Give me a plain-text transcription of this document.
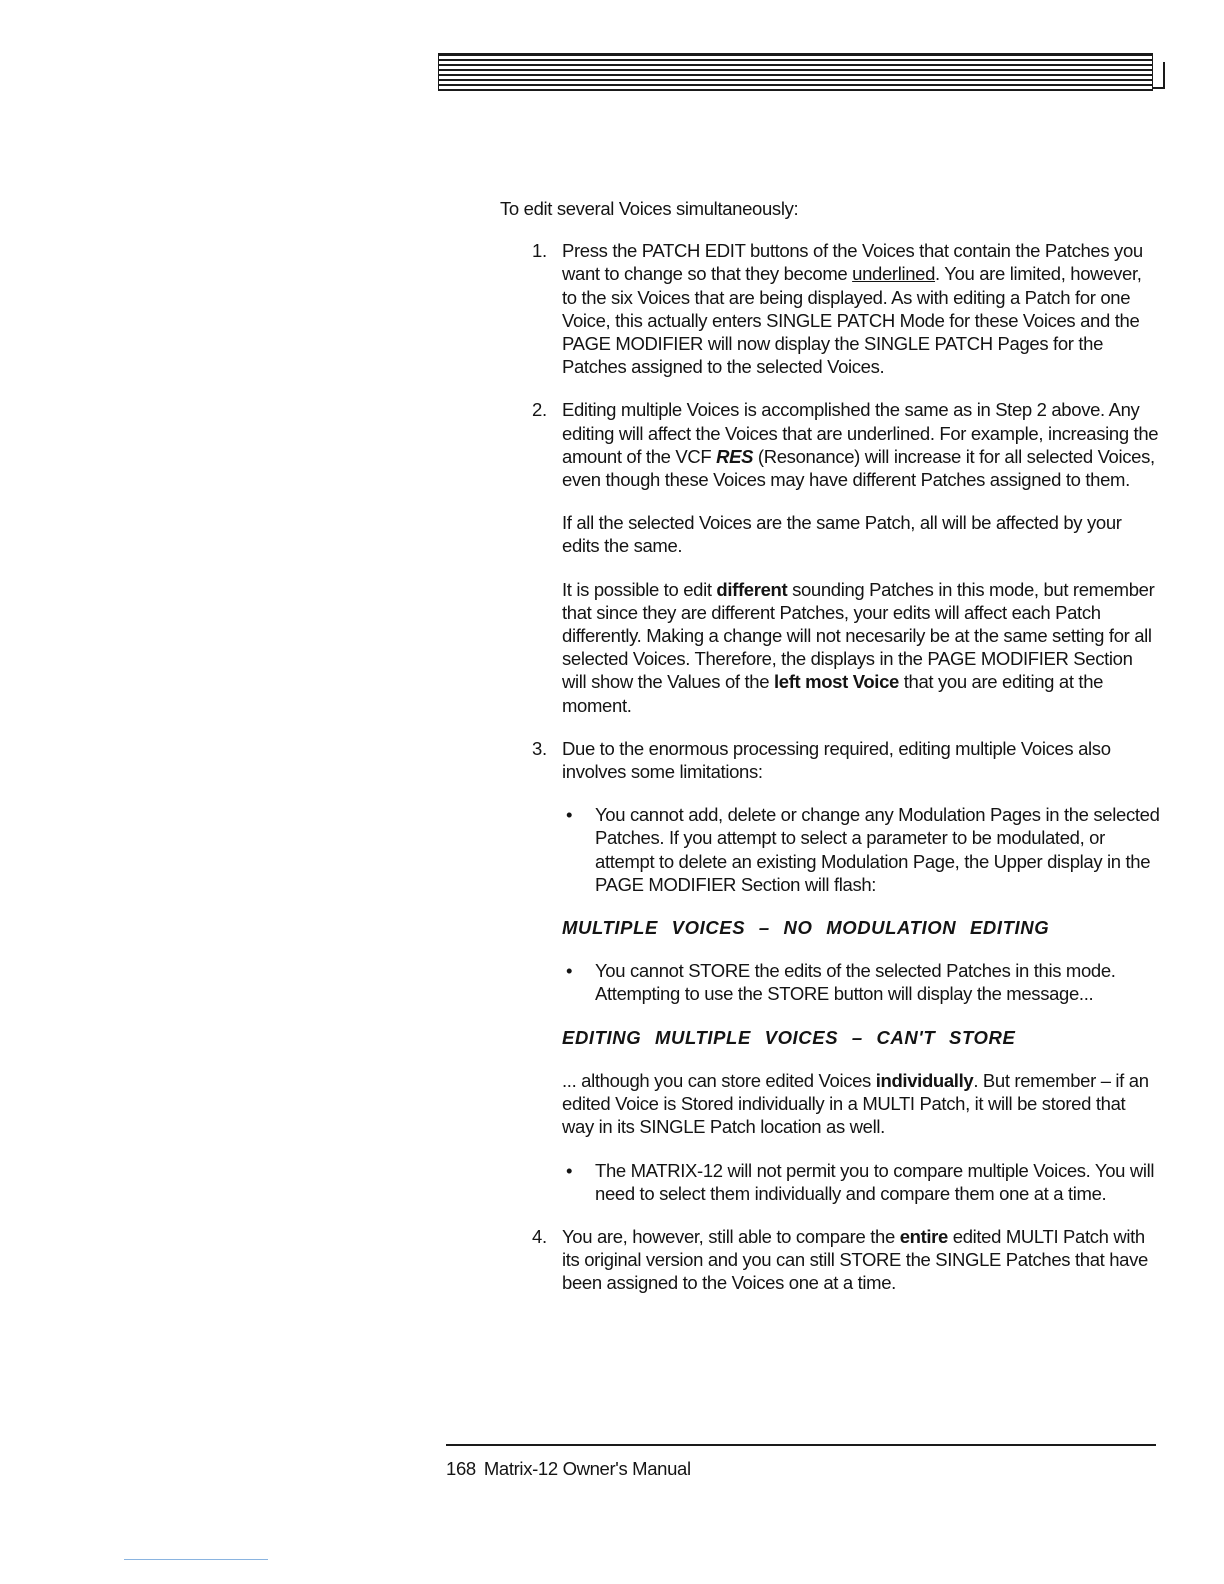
To edit several Voices simultaneously:

1. Press the PATCH EDIT buttons of the Voices that contain the Patches you want to change so that they become underlined. You are limited, however, to the six Voices that are being displayed. As with editing a Patch for one Voice, this actually enters SINGLE PATCH Mode for these Voices and the PAGE MODIFIER will now display the SINGLE PATCH Pages for the Patches assigned to the selected Voices.

2. Editing multiple Voices is accomplished the same as in Step 2 above. Any editing will affect the Voices that are underlined. For example, increasing the amount of the VCF RES (Resonance) will increase it for all selected Voices, even though these Voices may have different Patches assigned to them.

If all the selected Voices are the same Patch, all will be affected by your edits the same.

It is possible to edit different sounding Patches in this mode, but remember that since they are different Patches, your edits will affect each Patch differently. Making a change will not necesarily be at the same setting for all selected Voices. Therefore, the displays in the PAGE MODIFIER Section will show the Values of the left most Voice that you are editing at the moment.

3. Due to the enormous processing required, editing multiple Voices also involves some limitations:

• You cannot add, delete or change any Modulation Pages in the selected Patches. If you attempt to select a parameter to be modulated, or attempt to delete an existing Modulation Page, the Upper display in the PAGE MODIFIER Section will flash:

MULTIPLE VOICES – NO MODULATION EDITING

• You cannot STORE the edits of the selected Patches in this mode. Attempting to use the STORE button will display the message...

EDITING MULTIPLE VOICES – CAN'T STORE

... although you can store edited Voices individually. But remember – if an edited Voice is Stored individually in a MULTI Patch, it will be stored that way in its SINGLE Patch location as well.

• The MATRIX-12 will not permit you to compare multiple Voices. You will need to select them individually and compare them one at a time.

4. You are, however, still able to compare the entire edited MULTI Patch with its original version and you can still STORE the SINGLE Patches that have been assigned to the Voices one at a time.

168 Matrix-12 Owner's Manual
